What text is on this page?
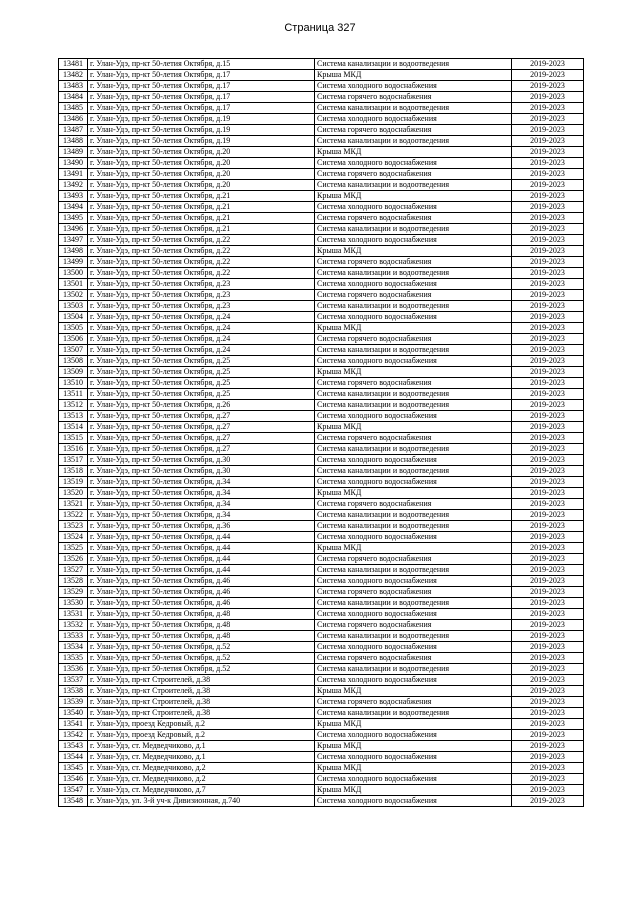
Страница 327
13481	г. Улан-Удэ, пр-кт 50-летия Октября, д.15	Система канализации и водоотведения	2019-2023
13482	г. Улан-Удэ, пр-кт 50-летия Октября, д.17	Крыша МКД	2019-2023
13483	г. Улан-Удэ, пр-кт 50-летия Октября, д.17	Система холодного водоснабжения	2019-2023
13484	г. Улан-Удэ, пр-кт 50-летия Октября, д.17	Система горячего водоснабжения	2019-2023
13485	г. Улан-Удэ, пр-кт 50-летия Октября, д.17	Система канализации и водоотведения	2019-2023
13486	г. Улан-Удэ, пр-кт 50-летия Октября, д.19	Система холодного водоснабжения	2019-2023
13487	г. Улан-Удэ, пр-кт 50-летия Октября, д.19	Система горячего водоснабжения	2019-2023
13488	г. Улан-Удэ, пр-кт 50-летия Октября, д.19	Система канализации и водоотведения	2019-2023
13489	г. Улан-Удэ, пр-кт 50-летия Октября, д.20	Крыша МКД	2019-2023
13490	г. Улан-Удэ, пр-кт 50-летия Октября, д.20	Система холодного водоснабжения	2019-2023
13491	г. Улан-Удэ, пр-кт 50-летия Октября, д.20	Система горячего водоснабжения	2019-2023
13492	г. Улан-Удэ, пр-кт 50-летия Октября, д.20	Система канализации и водоотведения	2019-2023
13493	г. Улан-Удэ, пр-кт 50-летия Октября, д.21	Крыша МКД	2019-2023
13494	г. Улан-Удэ, пр-кт 50-летия Октября, д.21	Система холодного водоснабжения	2019-2023
13495	г. Улан-Удэ, пр-кт 50-летия Октября, д.21	Система горячего водоснабжения	2019-2023
13496	г. Улан-Удэ, пр-кт 50-летия Октября, д.21	Система канализации и водоотведения	2019-2023
13497	г. Улан-Удэ, пр-кт 50-летия Октября, д.22	Система холодного водоснабжения	2019-2023
13498	г. Улан-Удэ, пр-кт 50-летия Октября, д.22	Крыша МКД	2019-2023
13499	г. Улан-Удэ, пр-кт 50-летия Октября, д.22	Система горячего водоснабжения	2019-2023
13500	г. Улан-Удэ, пр-кт 50-летия Октября, д.22	Система канализации и водоотведения	2019-2023
13501	г. Улан-Удэ, пр-кт 50-летия Октября, д.23	Система холодного водоснабжения	2019-2023
13502	г. Улан-Удэ, пр-кт 50-летия Октября, д.23	Система горячего водоснабжения	2019-2023
13503	г. Улан-Удэ, пр-кт 50-летия Октября, д.23	Система канализации и водоотведения	2019-2023
13504	г. Улан-Удэ, пр-кт 50-летия Октября, д.24	Система холодного водоснабжения	2019-2023
13505	г. Улан-Удэ, пр-кт 50-летия Октября, д.24	Крыша МКД	2019-2023
13506	г. Улан-Удэ, пр-кт 50-летия Октября, д.24	Система горячего водоснабжения	2019-2023
13507	г. Улан-Удэ, пр-кт 50-летия Октября, д.24	Система канализации и водоотведения	2019-2023
13508	г. Улан-Удэ, пр-кт 50-летия Октября, д.25	Система холодного водоснабжения	2019-2023
13509	г. Улан-Удэ, пр-кт 50-летия Октября, д.25	Крыша МКД	2019-2023
13510	г. Улан-Удэ, пр-кт 50-летия Октября, д.25	Система горячего водоснабжения	2019-2023
13511	г. Улан-Удэ, пр-кт 50-летия Октября, д.25	Система канализации и водоотведения	2019-2023
13512	г. Улан-Удэ, пр-кт 50-летия Октября, д.26	Система канализации и водоотведения	2019-2023
13513	г. Улан-Удэ, пр-кт 50-летия Октября, д.27	Система холодного водоснабжения	2019-2023
13514	г. Улан-Удэ, пр-кт 50-летия Октября, д.27	Крыша МКД	2019-2023
13515	г. Улан-Удэ, пр-кт 50-летия Октября, д.27	Система горячего водоснабжения	2019-2023
13516	г. Улан-Удэ, пр-кт 50-летия Октября, д.27	Система канализации и водоотведения	2019-2023
13517	г. Улан-Удэ, пр-кт 50-летия Октября, д.30	Система холодного водоснабжения	2019-2023
13518	г. Улан-Удэ, пр-кт 50-летия Октября, д.30	Система канализации и водоотведения	2019-2023
13519	г. Улан-Удэ, пр-кт 50-летия Октября, д.34	Система холодного водоснабжения	2019-2023
13520	г. Улан-Удэ, пр-кт 50-летия Октября, д.34	Крыша МКД	2019-2023
13521	г. Улан-Удэ, пр-кт 50-летия Октября, д.34	Система горячего водоснабжения	2019-2023
13522	г. Улан-Удэ, пр-кт 50-летия Октября, д.34	Система канализации и водоотведения	2019-2023
13523	г. Улан-Удэ, пр-кт 50-летия Октября, д.36	Система канализации и водоотведения	2019-2023
13524	г. Улан-Удэ, пр-кт 50-летия Октября, д.44	Система холодного водоснабжения	2019-2023
13525	г. Улан-Удэ, пр-кт 50-летия Октября, д.44	Крыша МКД	2019-2023
13526	г. Улан-Удэ, пр-кт 50-летия Октября, д.44	Система горячего водоснабжения	2019-2023
13527	г. Улан-Удэ, пр-кт 50-летия Октября, д.44	Система канализации и водоотведения	2019-2023
13528	г. Улан-Удэ, пр-кт 50-летия Октября, д.46	Система холодного водоснабжения	2019-2023
13529	г. Улан-Удэ, пр-кт 50-летия Октября, д.46	Система горячего водоснабжения	2019-2023
13530	г. Улан-Удэ, пр-кт 50-летия Октября, д.46	Система канализации и водоотведения	2019-2023
13531	г. Улан-Удэ, пр-кт 50-летия Октября, д.48	Система холодного водоснабжения	2019-2023
13532	г. Улан-Удэ, пр-кт 50-летия Октября, д.48	Система горячего водоснабжения	2019-2023
13533	г. Улан-Удэ, пр-кт 50-летия Октября, д.48	Система канализации и водоотведения	2019-2023
13534	г. Улан-Удэ, пр-кт 50-летия Октября, д.52	Система холодного водоснабжения	2019-2023
13535	г. Улан-Удэ, пр-кт 50-летия Октября, д.52	Система горячего водоснабжения	2019-2023
13536	г. Улан-Удэ, пр-кт 50-летия Октября, д.52	Система канализации и водоотведения	2019-2023
13537	г. Улан-Удэ, пр-кт Строителей, д.38	Система холодного водоснабжения	2019-2023
13538	г. Улан-Удэ, пр-кт Строителей, д.38	Крыша МКД	2019-2023
13539	г. Улан-Удэ, пр-кт Строителей, д.38	Система горячего водоснабжения	2019-2023
13540	г. Улан-Удэ, пр-кт Строителей, д.38	Система канализации и водоотведения	2019-2023
13541	г. Улан-Удэ, проезд Кедровый, д.2	Крыша МКД	2019-2023
13542	г. Улан-Удэ, проезд Кедровый, д.2	Система холодного водоснабжения	2019-2023
13543	г. Улан-Удэ, ст. Медведчиково, д.1	Крыша МКД	2019-2023
13544	г. Улан-Удэ, ст. Медведчиково, д.1	Система холодного водоснабжения	2019-2023
13545	г. Улан-Удэ, ст. Медведчиково, д.2	Крыша МКД	2019-2023
13546	г. Улан-Удэ, ст. Медведчиково, д.2	Система холодного водоснабжения	2019-2023
13547	г. Улан-Удэ, ст. Медведчиково, д.7	Крыша МКД	2019-2023
13548	г. Улан-Удэ, ул. 3-й уч-к Дивизионная, д.740	Система холодного водоснабжения	2019-2023
